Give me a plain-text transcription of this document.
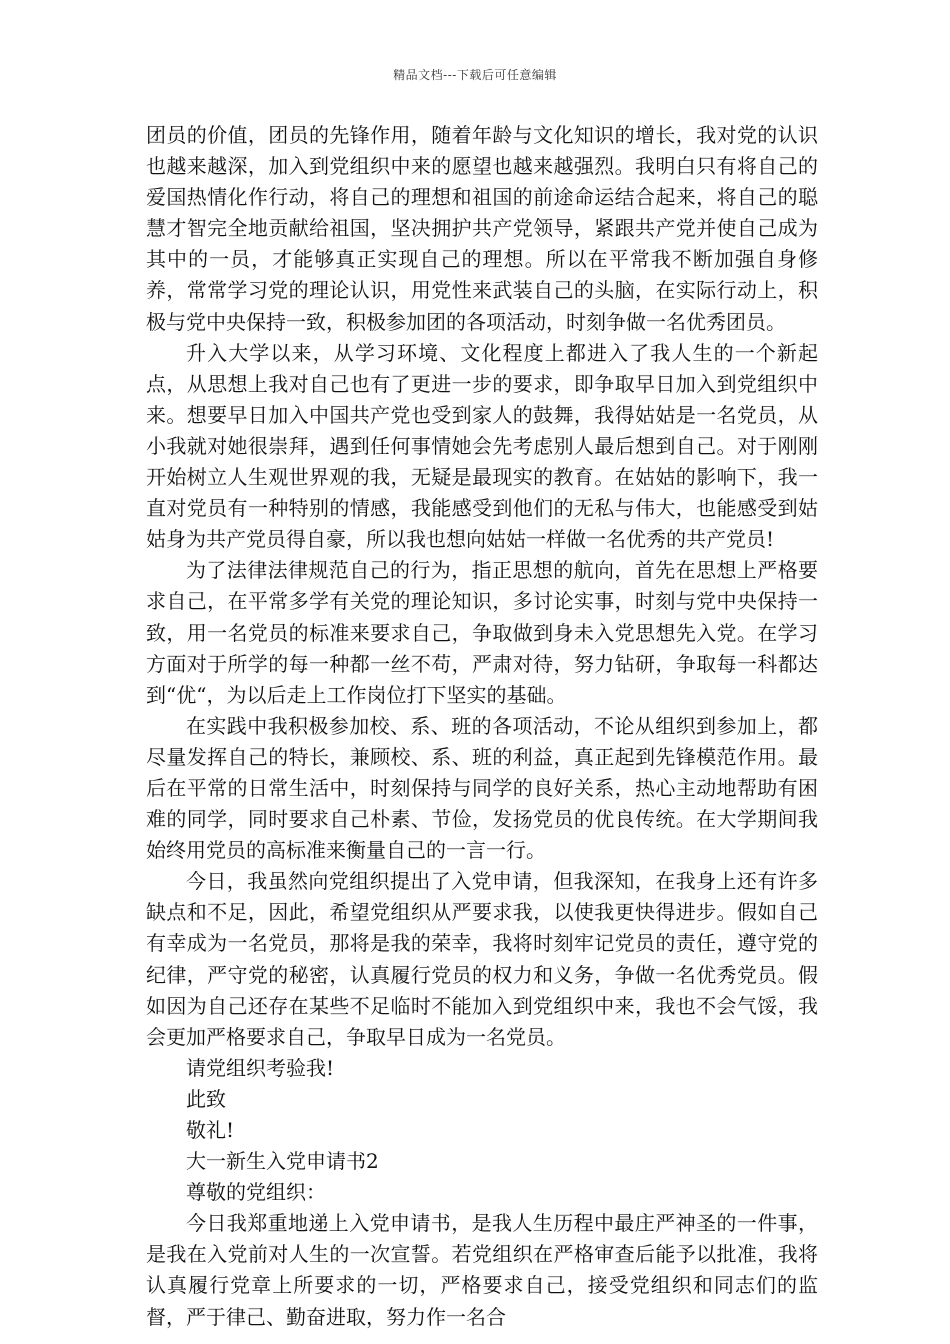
精品文档---下载后可任意编辑

团员的价值，团员的先锋作用，随着年龄与文化知识的增长，我对党的认识也越来越深，加入到党组织中来的愿望也越来越强烈。我明白只有将自己的爱国热情化作行动，将自己的理想和祖国的前途命运结合起来，将自己的聪慧才智完全地贡献给祖国，坚决拥护共产党领导，紧跟共产党并使自己成为其中的一员，才能够真正实现自己的理想。所以在平常我不断加强自身修养，常常学习党的理论认识，用党性来武装自己的头脑，在实际行动上，积极与党中央保持一致，积极参加团的各项活动，时刻争做一名优秀团员。

升入大学以来，从学习环境、文化程度上都进入了我人生的一个新起点，从思想上我对自己也有了更进一步的要求，即争取早日加入到党组织中来。想要早日加入中国共产党也受到家人的鼓舞，我得姑姑是一名党员，从小我就对她很崇拜，遇到任何事情她会先考虑别人最后想到自己。对于刚刚开始树立人生观世界观的我，无疑是最现实的教育。在姑姑的影响下，我一直对党员有一种特别的情感，我能感受到他们的无私与伟大，也能感受到姑姑身为共产党员得自豪，所以我也想向姑姑一样做一名优秀的共产党员!

为了法律法律规范自己的行为，指正思想的航向，首先在思想上严格要求自己，在平常多学有关党的理论知识，多讨论实事，时刻与党中央保持一致，用一名党员的标准来要求自己，争取做到身未入党思想先入党。在学习方面对于所学的每一种都一丝不苟，严肃对待，努力钻研，争取每一科都达到“优“，为以后走上工作岗位打下坚实的基础。

在实践中我积极参加校、系、班的各项活动，不论从组织到参加上，都尽量发挥自己的特长，兼顾校、系、班的利益，真正起到先锋模范作用。最后在平常的日常生活中，时刻保持与同学的良好关系，热心主动地帮助有困难的同学，同时要求自己朴素、节俭，发扬党员的优良传统。在大学期间我始终用党员的高标准来衡量自己的一言一行。

今日，我虽然向党组织提出了入党申请，但我深知，在我身上还有许多缺点和不足，因此，希望党组织从严要求我，以使我更快得进步。假如自己有幸成为一名党员，那将是我的荣幸，我将时刻牢记党员的责任，遵守党的纪律，严守党的秘密，认真履行党员的权力和义务，争做一名优秀党员。假如因为自己还存在某些不足临时不能加入到党组织中来，我也不会气馁，我会更加严格要求自己，争取早日成为一名党员。

请党组织考验我!

此致

敬礼!

大一新生入党申请书2

尊敬的党组织：

今日我郑重地递上入党申请书，是我人生历程中最庄严神圣的一件事，是我在入党前对人生的一次宣誓。若党组织在严格审查后能予以批准，我将认真履行党章上所要求的一切，严格要求自己，接受党组织和同志们的监督，严于律己、勤奋进取，努力作一名合
